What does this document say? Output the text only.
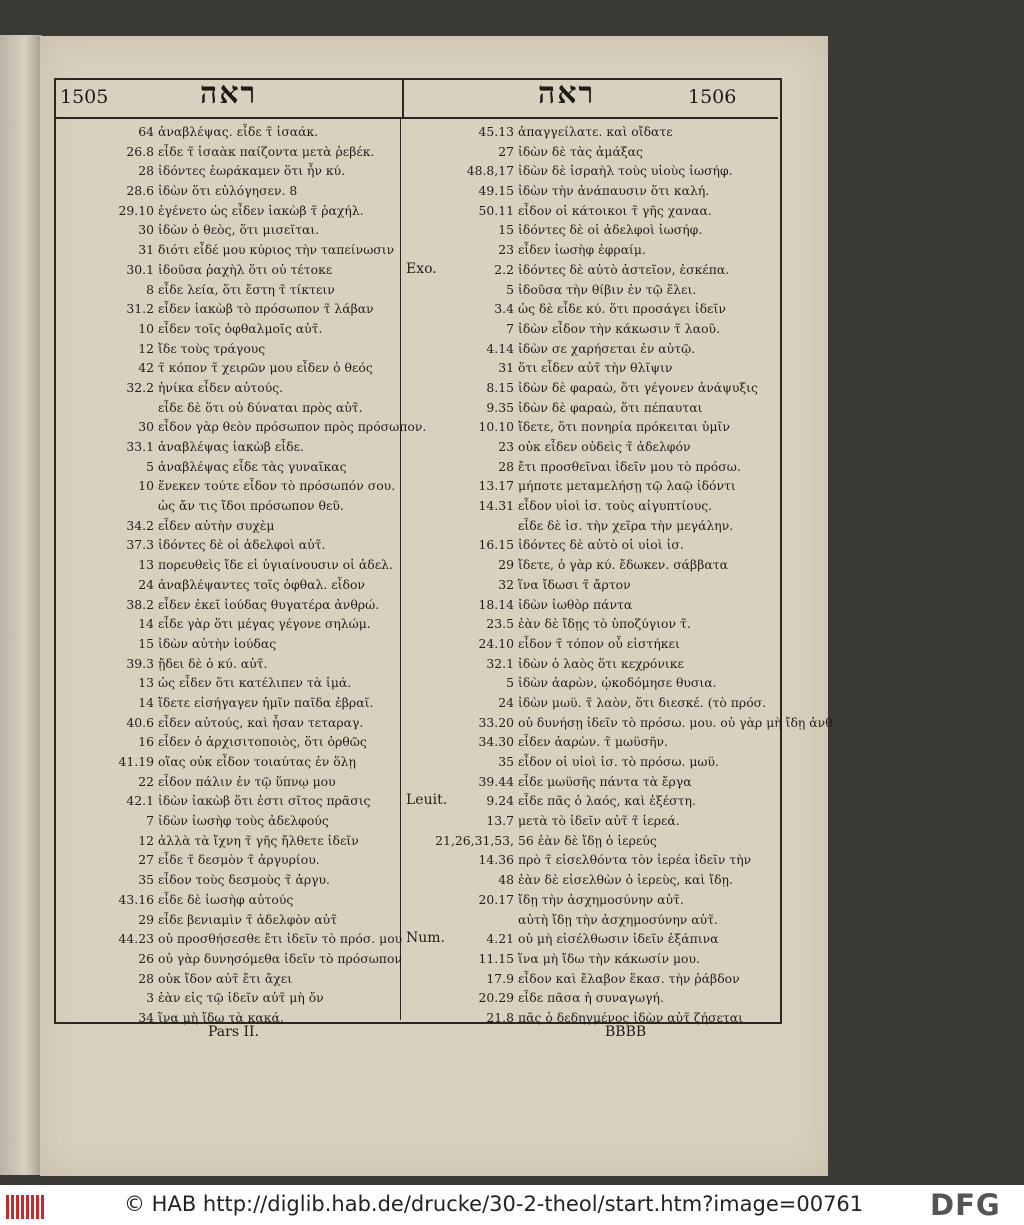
1505	ראה	ראה	1506
64 ἀναβλέψας. εἶδε τ̃ ἰσαάκ.
26.8 εἶδε τ̃ ἰσαὰκ παίζοντα μετὰ ῥεβέκ.
28 ἰδόντες ἑωράκαμεν ὅτι ἦν κύ.
28.6 ἰδὼν ὅτι εὐλόγησεν. 8
29.10 ἐγένετο ὡς εἶδεν ἰακὼβ τ̃ ῥαχήλ.
30 ἰδὼν ὁ θεὸς, ὅτι μισεῖται.
31 διότι εἶδέ μου κύριος τὴν ταπείνωσιν
30.1 ἰδοῦσα ῥαχὴλ ὅτι οὐ τέτοκε
8 εἶδε λεία, ὅτι ἔστη τ̃ τίκτειν
31.2 εἶδεν ἰακὼβ τὸ πρόσωπον τ̃ λάβαν
10 εἶδεν τοῖς ὀφθαλμοῖς αὐτ̃.
12 ἴδε τοὺς τράγους
42 τ̃ κόπον τ̃ χειρῶν μου εἶδεν ὁ θεός
32.2 ἡνίκα εἶδεν αὐτούς.
εἶδε δὲ ὅτι οὐ δύναται πρὸς αὐτ̃.
30 εἶδον γὰρ θεὸν πρόσωπον πρὸς πρόσωπον.
33.1 ἀναβλέψας ἰακὼβ εἶδε.
5 ἀναβλέψας εἶδε τὰς γυναῖκας
10 ἕνεκεν τούτε εἶδον τὸ πρόσωπόν σου.
ὡς ἄν τις ἴδοι πρόσωπον θεῦ.
34.2 εἶδεν αὐτὴν συχὲμ
37.3 ἰδόντες δὲ οἱ ἀδελφοὶ αὐτ̃.
13 πορευθεὶς ἴδε εἰ ὑγιαίνουσιν οἱ ἀδελ.
24 ἀναβλέψαντες τοῖς ὀφθαλ. εἶδον
38.2 εἶδεν ἐκεῖ ἰούδας θυγατέρα ἀνθρώ.
14 εἶδε γὰρ ὅτι μέγας γέγονε σηλώμ.
15 ἰδὼν αὐτὴν ἰούδας
39.3 ᾔδει δὲ ὁ κύ. αὐτ̃.
13 ὡς εἶδεν ὅτι κατέλιπεν τὰ ἱμά.
14 ἴδετε εἰσήγαγεν ἡμῖν παῖδα ἑβραῖ.
40.6 εἶδεν αὐτούς, καὶ ἦσαν τεταραγ.
16 εἶδεν ὁ ἀρχισιτοποιὸς, ὅτι ὀρθῶς
41.19 οἵας οὐκ εἶδον τοιαύτας ἐν ὅλῃ
22 εἶδον πάλιν ἐν τῷ ὕπνῳ μου
42.1 ἰδὼν ἰακὼβ ὅτι ἐστι σῖτος πρᾶσις
7 ἰδὼν ἰωσὴφ τοὺς ἀδελφούς
12 ἀλλὰ τὰ ἴχνη τ̃ γῆς ἤλθετε ἰδεῖν
27 εἶδε τ̃ δεσμὸν τ̃ ἀργυρίου.
35 εἶδον τοὺς δεσμοὺς τ̃ ἀργυ.
43.16 εἶδε δὲ ἰωσὴφ αὐτούς
29 εἶδε βενιαμὶν τ̃ ἀδελφὸν αὐτ̃
44.23 οὐ προσθήσεσθε ἔτι ἰδεῖν τὸ πρόσ. μου
26 οὐ γὰρ δυνησόμεθα ἰδεῖν τὸ πρόσωπον
28 οὐκ ἴδον αὐτ̃ ἔτι ἄχει
3 ἐὰν εἰς τῷ ἰδεῖν αὐτ̃ μὴ ὄν
34 ἵνα μὴ ἴδω τὰ κακά.
45.13 ἀπαγγείλατε. καὶ οἴδατε
27 ἰδὼν δὲ τὰς ἀμάξας
48.8,17 ἰδὼν δὲ ἰσραὴλ τοὺς υἱοὺς ἰωσήφ.
49.15 ἰδὼν τὴν ἀνάπαυσιν ὅτι καλή.
50.11 εἶδον οἱ κάτοικοι τ̃ γῆς χαναα.
15 ἰδόντες δὲ οἱ ἀδελφοὶ ἰωσήφ.
23 εἶδεν ἰωσὴφ ἐφραίμ.
Exo.	2.2 ἰδόντες δὲ αὐτὸ ἀστεῖον, ἐσκέπα.
5 ἰδοῦσα τὴν θίβιν ἐν τῷ ἕλει.
3.4 ὡς δὲ εἶδε κύ. ὅτι προσάγει ἰδεῖν
7 ἰδὼν εἶδον τὴν κάκωσιν τ̃ λαοῦ.
4.14 ἰδὼν σε χαρήσεται ἐν αὐτῷ.
31 ὅτι εἶδεν αὐτ̃ τὴν θλῖψιν
8.15 ἰδὼν δὲ φαραὼ, ὅτι γέγονεν ἀνάψυξις
9.35 ἰδὼν δὲ φαραὼ, ὅτι πέπαυται
10.10 ἴδετε, ὅτι πονηρία πρόκειται ὑμῖν
23 οὐκ εἶδεν οὐδεὶς τ̃ ἀδελφόν
28 ἔτι προσθεῖναι ἰδεῖν μου τὸ πρόσω.
13.17 μήποτε μεταμελήσῃ τῷ λαῷ ἰδόντι
14.31 εἶδον υἱοὶ ἰσ. τοὺς αἰγυπτίους.
εἶδε δὲ ἰσ. τὴν χεῖρα τὴν μεγάλην.
16.15 ἰδόντες δὲ αὐτὸ οἱ υἱοὶ ἰσ.
29 ἴδετε, ὁ γὰρ κύ. ἔδωκεν. σάββατα
32 ἵνα ἴδωσι τ̃ ἄρτον
18.14 ἰδὼν ἰωθὸρ πάντα
23.5 ἐὰν δὲ ἴδῃς τὸ ὑποζύγιον τ̃.
24.10 εἶδον τ̃ τόπον οὗ εἱστήκει
32.1 ἰδὼν ὁ λαὸς ὅτι κεχρόνικε
5 ἰδὼν ἀαρὼν, ᾠκοδόμησε θυσια.
24 ἰδὼν μωϋ. τ̃ λαὸν, ὅτι διεσκέ. (τὸ πρόσ.
33.20 οὐ δυνήσῃ ἰδεῖν τὸ πρόσω. μου. οὐ γὰρ μὴ ἴδῃ ἀνθ.
34.30 εἶδεν ἀαρὼν. τ̃ μωϋσῆν.
35 εἶδον οἱ υἱοὶ ἰσ. τὸ πρόσω. μωϋ.
39.44 εἶδε μωϋσῆς πάντα τὰ ἔργα
Leuit.	9.24 εἶδε πᾶς ὁ λαός, καὶ ἐξέστη.
13.7 μετὰ τὸ ἰδεῖν αὐτ̃ τ̃ ἱερεά.
21,26,31,53, 56 ἐὰν δὲ ἴδῃ ὁ ἱερεύς
14.36 πρὸ τ̃ εἰσελθόντα τὸν ἱερέα ἰδεῖν τὴν
48 ἐὰν δὲ εἰσελθὼν ὁ ἱερεὺς, καὶ ἴδῃ.
20.17 ἴδῃ τὴν ἀσχημοσύνην αὐτ̃.
αὐτὴ ἴδῃ τὴν ἀσχημοσύνην αὐτ̃.
Num.	4.21 οὐ μὴ εἰσέλθωσιν ἰδεῖν ἐξάπινα
11.15 ἵνα μὴ ἴδω τὴν κάκωσίν μου.
17.9 εἶδον καὶ ἔλαβον ἕκασ. τὴν ῥάβδον
20.29 εἶδε πᾶσα ἡ συναγωγή.
21.8 πᾶς ὁ δεδηγμένος ἰδὼν αὐτ̃ ζήσεται
Pars II.	BBBB
© HAB http://diglib.hab.de/drucke/30-2-theol/start.htm?image=00761 DFG
